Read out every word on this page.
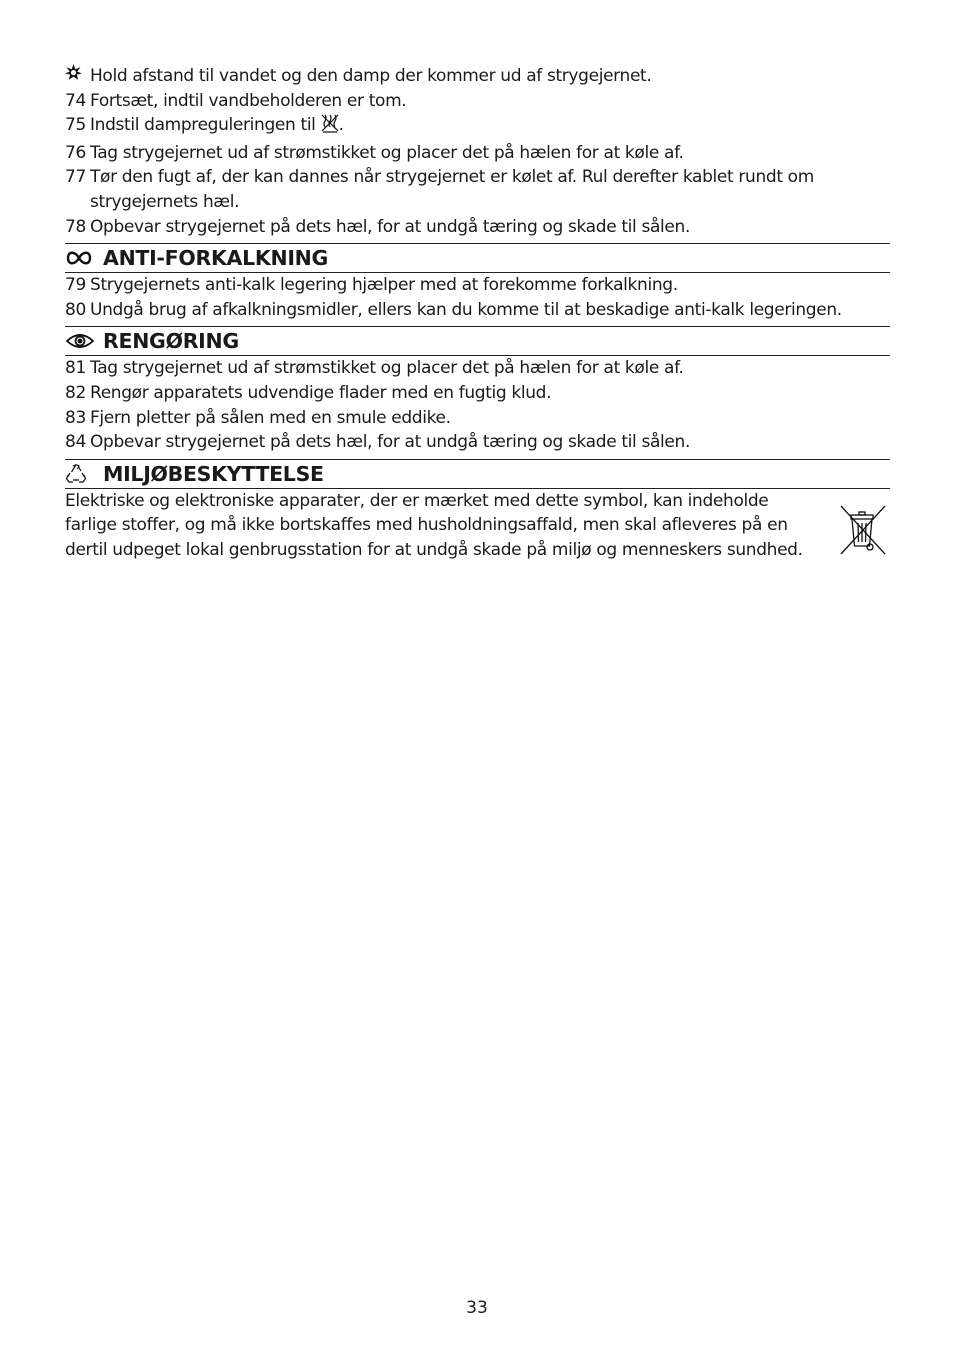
Hold afstand til vandet og den damp der kommer ud af strygejernet.
74 Fortsæt, indtil vandbeholderen er tom.
75 Indstil dampreguleringen til .
76 Tag strygejernet ud af strømstikket og placer det på hælen for at køle af.
77 Tør den fugt af, der kan dannes når strygejernet er kølet af. Rul derefter kablet rundt om
strygejernets hæl.
78 Opbevar strygejernet på dets hæl, for at undgå tæring og skade til sålen.
ANTI-FORKALKNING
79 Strygejernets anti-kalk legering hjælper med at forekomme forkalkning.
80 Undgå brug af afkalkningsmidler, ellers kan du komme til at beskadige anti-kalk legeringen.
RENGØRING
81 Tag strygejernet ud af strømstikket og placer det på hælen for at køle af.
82 Rengør apparatets udvendige flader med en fugtig klud.
83 Fjern pletter på sålen med en smule eddike.
84 Opbevar strygejernet på dets hæl, for at undgå tæring og skade til sålen.
MILJØBESKYTTELSE
Elektriske og elektroniske apparater, der er mærket med dette symbol, kan indeholde
farlige stoffer, og må ikke bortskaffes med husholdningsaffald, men skal afleveres på en
dertil udpeget lokal genbrugsstation for at undgå skade på miljø og menneskers sundhed.
33
